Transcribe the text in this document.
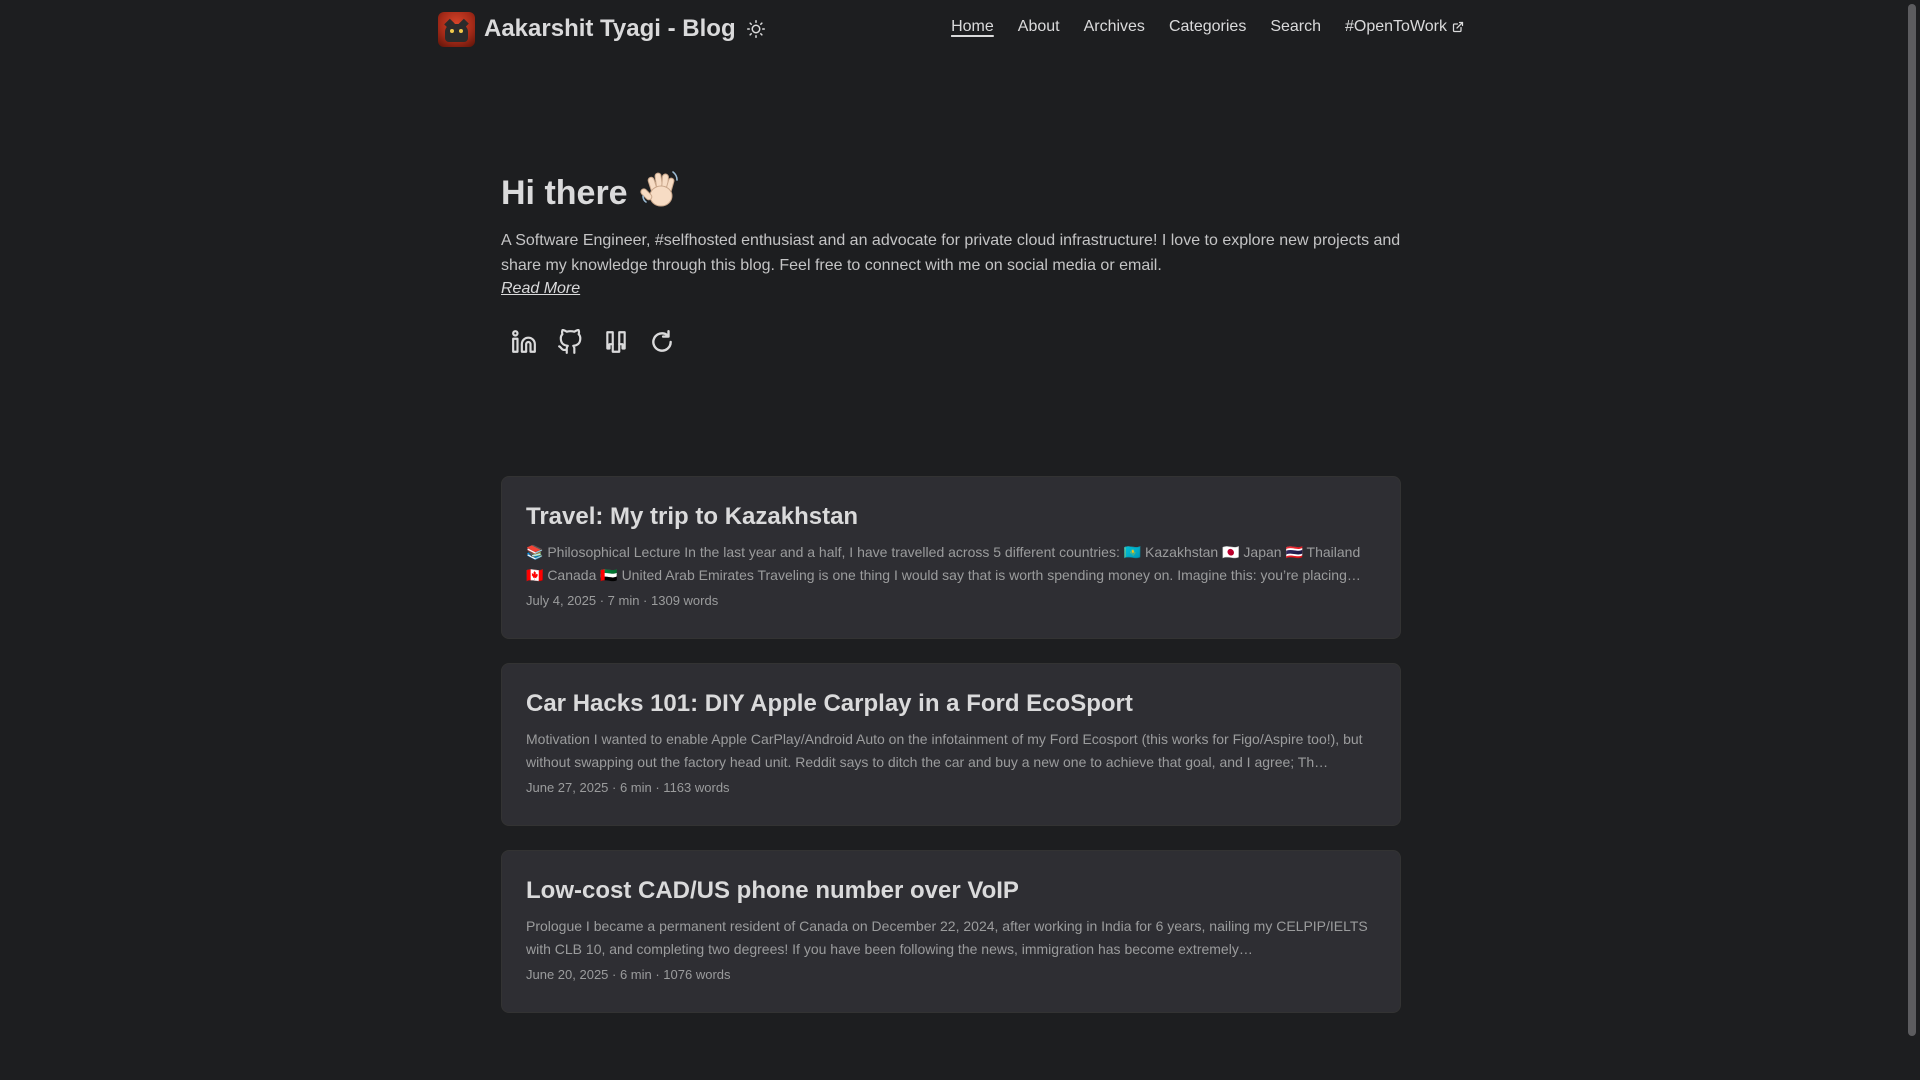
Aakarshit Tyagi - Blog	Home About Archives Categories Search #OpenToWork
Hi there
A Software Engineer, #selfhosted enthusiast and an advocate for private cloud infrastructure! I love to explore new projects and share my knowledge through this blog. Feel free to connect with me on social media or email.
Read More
Travel: My trip to Kazakhstan
📚 Philosophical Lecture In the last year and a half, I have travelled across 5 different countries: 🇰🇿 Kazakhstan 🇯🇵 Japan 🇹🇭 Thailand 🇨🇦 Canada 🇦🇪 United Arab Emirates Traveling is one thing I would say that is worth spending money on. Imagine this: you’re placing…
July 4, 2025 · 7 min · 1309 words
Car Hacks 101: DIY Apple Carplay in a Ford EcoSport
Motivation I wanted to enable Apple CarPlay/Android Auto on the infotainment of my Ford Ecosport (this works for Figo/Aspire too!), but without swapping out the factory head unit. Reddit says to ditch the car and buy a new one to achieve that goal, and I agree; Th…
June 27, 2025 · 6 min · 1163 words
Low-cost CAD/US phone number over VoIP
Prologue I became a permanent resident of Canada on December 22, 2024, after working in India for 6 years, nailing my CELPIP/IELTS with CLB 10, and completing two degrees! If you have been following the news, immigration has become extremely…
June 20, 2025 · 6 min · 1076 words
